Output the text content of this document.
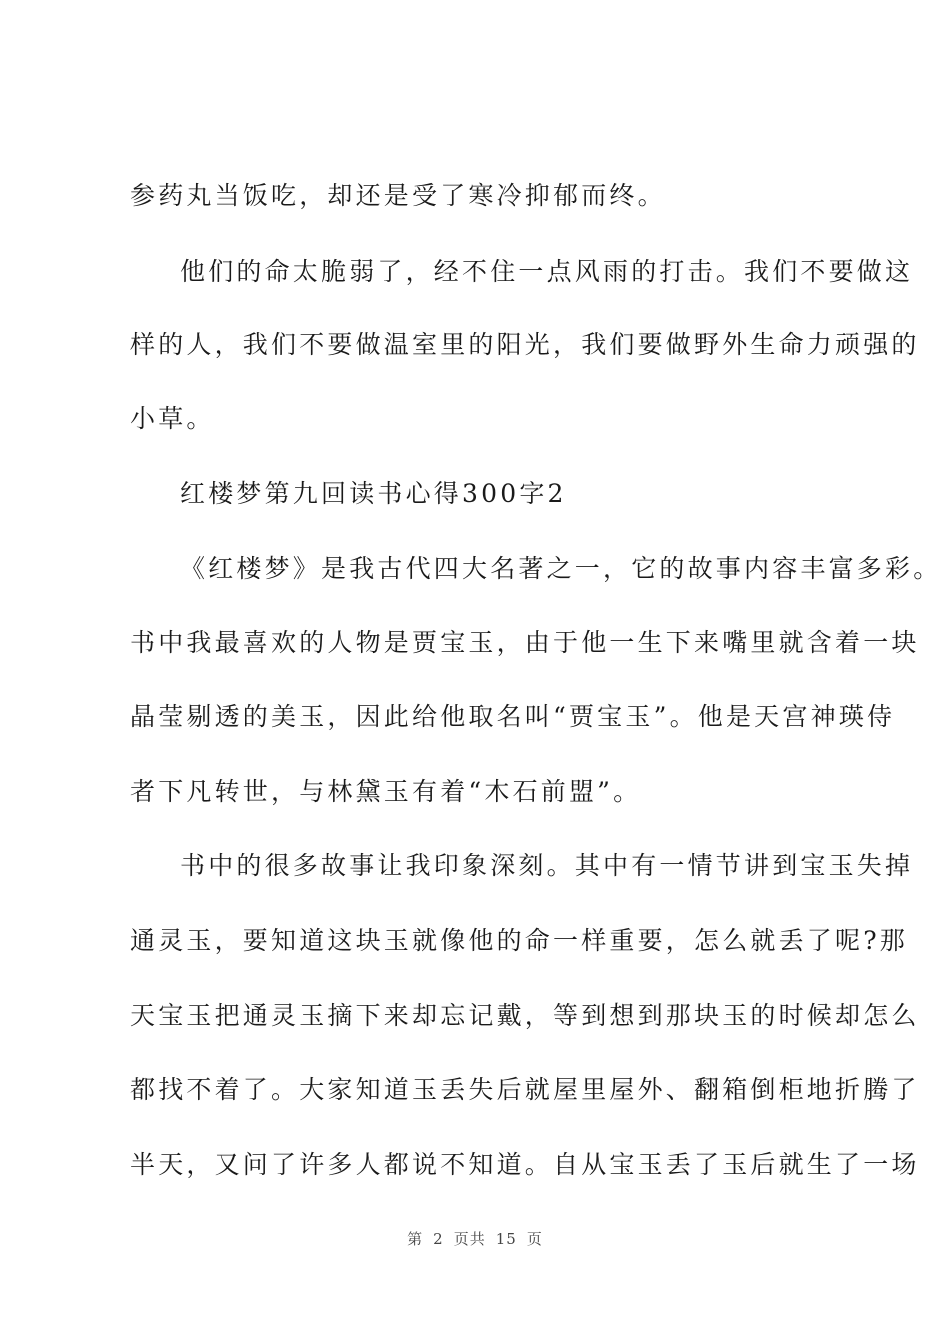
参药丸当饭吃，却还是受了寒冷抑郁而终。
他们的命太脆弱了，经不住一点风雨的打击。我们不要做这
样的人，我们不要做温室里的阳光，我们要做野外生命力顽强的
小草。
红楼梦第九回读书心得300字2
《红楼梦》是我古代四大名著之一，它的故事内容丰富多彩。
书中我最喜欢的人物是贾宝玉，由于他一生下来嘴里就含着一块
晶莹剔透的美玉，因此给他取名叫“贾宝玉”。他是天宫神瑛侍
者下凡转世，与林黛玉有着“木石前盟”。
书中的很多故事让我印象深刻。其中有一情节讲到宝玉失掉
通灵玉，要知道这块玉就像他的命一样重要，怎么就丢了呢?那
天宝玉把通灵玉摘下来却忘记戴，等到想到那块玉的时候却怎么
都找不着了。大家知道玉丢失后就屋里屋外、翻箱倒柜地折腾了
半天，又问了许多人都说不知道。自从宝玉丢了玉后就生了一场
第 2 页共 15 页
